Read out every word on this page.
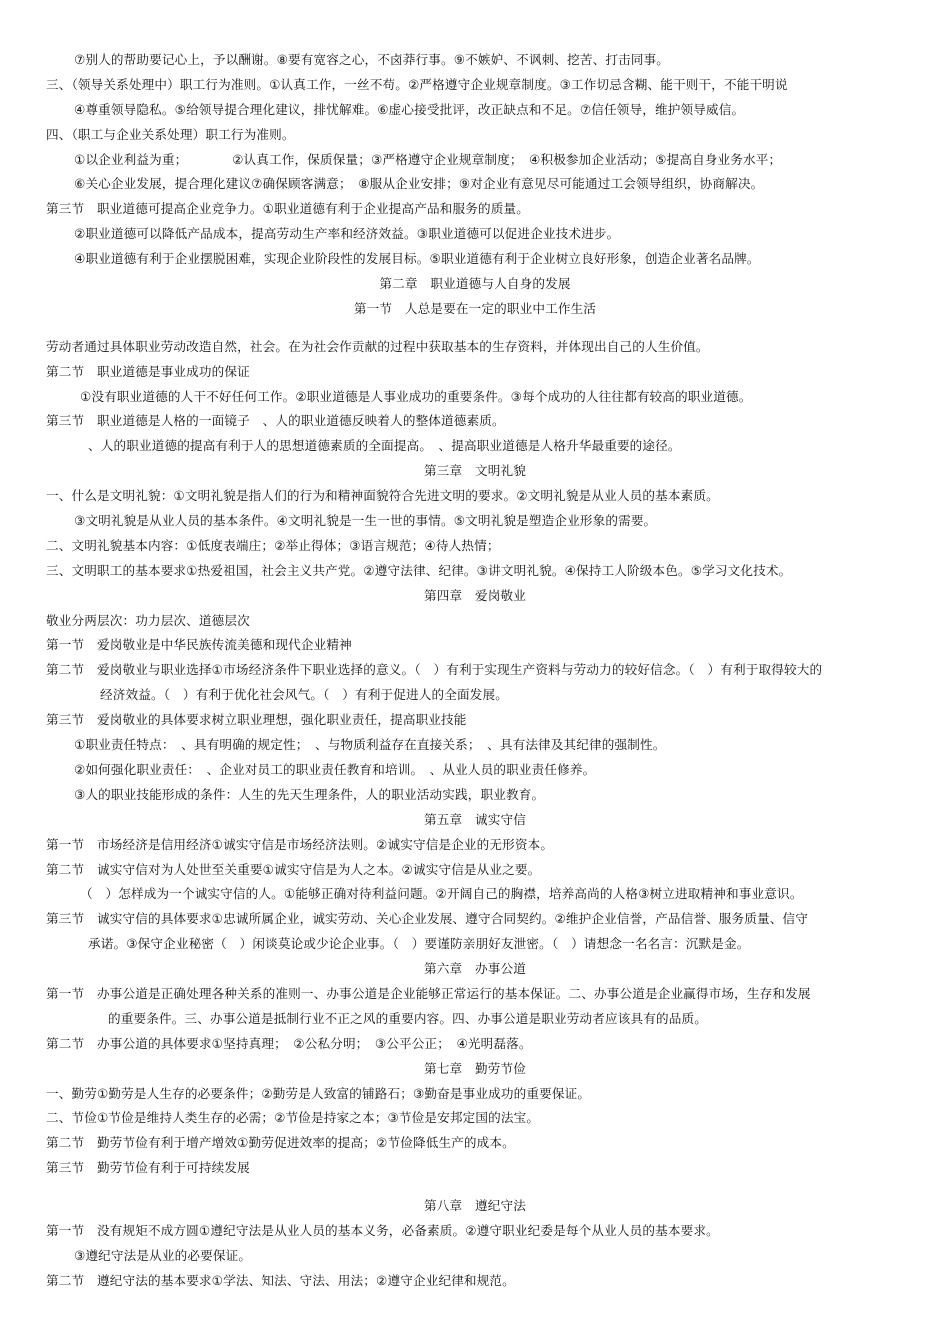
⑦别人的帮助要记心上，予以酬谢。⑧要有宽容之心，不卤莽行事。⑨不嫉妒、不讽刺、挖苦、打击同事。
三、（领导关系处理中）职工行为准则。①认真工作，一丝不苟。②严格遵守企业规章制度。③工作切忌含糊、能干则干，不能干明说
④尊重领导隐私。⑤给领导提合理化建议，排忧解难。⑥虚心接受批评，改正缺点和不足。⑦信任领导，维护领导威信。
四、（职工与企业关系处理）职工行为准则。
①以企业利益为重；　　　　②认真工作，保质保量；③严格遵守企业规章制度；　④积极参加企业活动；⑤提高自身业务水平；
⑥关心企业发展，提合理化建议⑦确保顾客满意；　⑧服从企业安排；⑨对企业有意见尽可能通过工会领导组织，协商解决。
第三节　职业道德可提高企业竞争力。①职业道德有利于企业提高产品和服务的质量。
②职业道德可以降低产品成本，提高劳动生产率和经济效益。③职业道德可以促进企业技术进步。
④职业道德有利于企业摆脱困难，实现企业阶段性的发展目标。⑤职业道德有利于企业树立良好形象，创造企业著名品牌。
第二章　职业道德与人自身的发展
第一节　人总是要在一定的职业中工作生活
劳动者通过具体职业劳动改造自然，社会。在为社会作贡献的过程中获取基本的生存资料，并体现出自己的人生价值。
第二节　职业道德是事业成功的保证
①没有职业道德的人干不好任何工作。②职业道德是人事业成功的重要条件。③每个成功的人往往都有较高的职业道德。
第三节　职业道德是人格的一面镜子　、人的职业道德反映着人的整体道德素质。
、人的职业道德的提高有利于人的思想道德素质的全面提高。　、提高职业道德是人格升华最重要的途径。
第三章　文明礼貌
一、什么是文明礼貌：①文明礼貌是指人们的行为和精神面貌符合先进文明的要求。②文明礼貌是从业人员的基本素质。
③文明礼貌是从业人员的基本条件。④文明礼貌是一生一世的事情。⑤文明礼貌是塑造企业形象的需要。
二、文明礼貌基本内容：①低度表端庄；②举止得体；③语言规范；④待人热情；
三、文明职工的基本要求①热爱祖国，社会主义共产党。②遵守法律、纪律。③讲文明礼貌。④保持工人阶级本色。⑤学习文化技术。
第四章　爱岗敬业
敬业分两层次：功力层次、道德层次
第一节　爱岗敬业是中华民族传流美德和现代企业精神
第二节　爱岗敬业与职业选择①市场经济条件下职业选择的意义。（　）有利于实现生产资料与劳动力的较好信念。（　）有利于取得较大的
经济效益。（　）有利于优化社会风气。（　）有利于促进人的全面发展。
第三节　爱岗敬业的具体要求树立职业理想，强化职业责任，提高职业技能
①职业责任特点：　、具有明确的规定性；　、与物质利益存在直接关系；　、具有法律及其纪律的强制性。
②如何强化职业责任：　、企业对员工的职业责任教育和培训。　、从业人员的职业责任修养。
③人的职业技能形成的条件：人生的先天生理条件，人的职业活动实践，职业教育。
第五章　诚实守信
第一节　市场经济是信用经济①诚实守信是市场经济法则。②诚实守信是企业的无形资本。
第二节　诚实守信对为人处世至关重要①诚实守信是为人之本。②诚实守信是从业之要。
（　）怎样成为一个诚实守信的人。①能够正确对待利益问题。②开阔自己的胸襟，培养高尚的人格③树立进取精神和事业意识。
第三节　诚实守信的具体要求①忠诚所属企业，诚实劳动、关心企业发展、遵守合同契约。②维护企业信誉，产品信誉、服务质量、信守
承诺。③保守企业秘密（　）闲谈莫论或少论企业事。（　）要谨防亲朋好友泄密。（　）请想念一名名言：沉默是金。
第六章　办事公道
第一节　办事公道是正确处理各种关系的准则一、办事公道是企业能够正常运行的基本保证。二、办事公道是企业赢得市场，生存和发展
的重要条件。三、办事公道是抵制行业不正之风的重要内容。四、办事公道是职业劳动者应该具有的品质。
第二节　办事公道的具体要求①坚持真理；　②公私分明；　③公平公正；　④光明磊落。
第七章　勤劳节俭
一、勤劳①勤劳是人生存的必要条件；②勤劳是人致富的铺路石；③勤奋是事业成功的重要保证。
二、节俭①节俭是维持人类生存的必需；②节俭是持家之本；③节俭是安邦定国的法宝。
第二节　勤劳节俭有利于增产增效①勤劳促进效率的提高；②节俭降低生产的成本。
第三节　勤劳节俭有利于可持续发展
第八章　遵纪守法
第一节　没有规矩不成方圆①遵纪守法是从业人员的基本义务，必备素质。②遵守职业纪委是每个从业人员的基本要求。
③遵纪守法是从业的必要保证。
第二节　遵纪守法的基本要求①学法、知法、守法、用法；②遵守企业纪律和规范。
